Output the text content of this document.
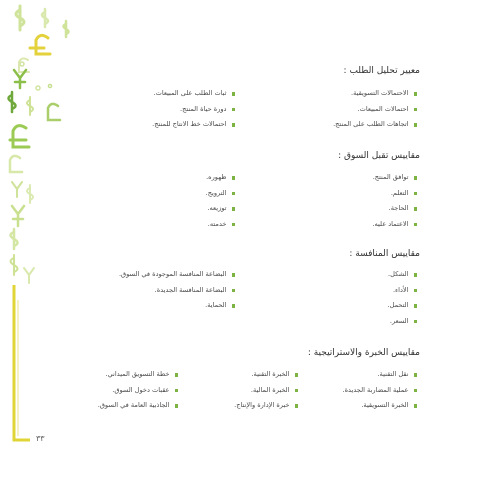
معيير تحليل الطلب :
الاحتمالات التسويقية.
احتمالات المبيعات.
اتجاهات الطلب على المنتج.
ثبات الطلب على المبيعات.
دورة حياة المنتج.
احتمالات خط الانتاج للمنتج.
مقاييس تقبل السوق :
توافق المنتج.
التعلم.
الحاجة.
الاعتماد عليه.
ظهوره.
الترويج.
توزيعه.
خدمته.
مقاييس المنافسة :
الشكل.
الأداء.
التحمل.
السعر.
البضاعة المنافسة الموجودة في السوق.
البضاعة المنافسة الجديدة.
الحماية.
مقاييس الخبرة والاستراتيجية :
نقل التقنية.
عملية المضاربة الجديدة.
الخبرة التسويقية.
الخبرة التقنية.
الخبرة المالية.
خبرة الإدارة والإنتاج.
خطة التسويق الميداني.
عقبات دخول السوق.
الجاذبية العامة في السوق.
٣٣
